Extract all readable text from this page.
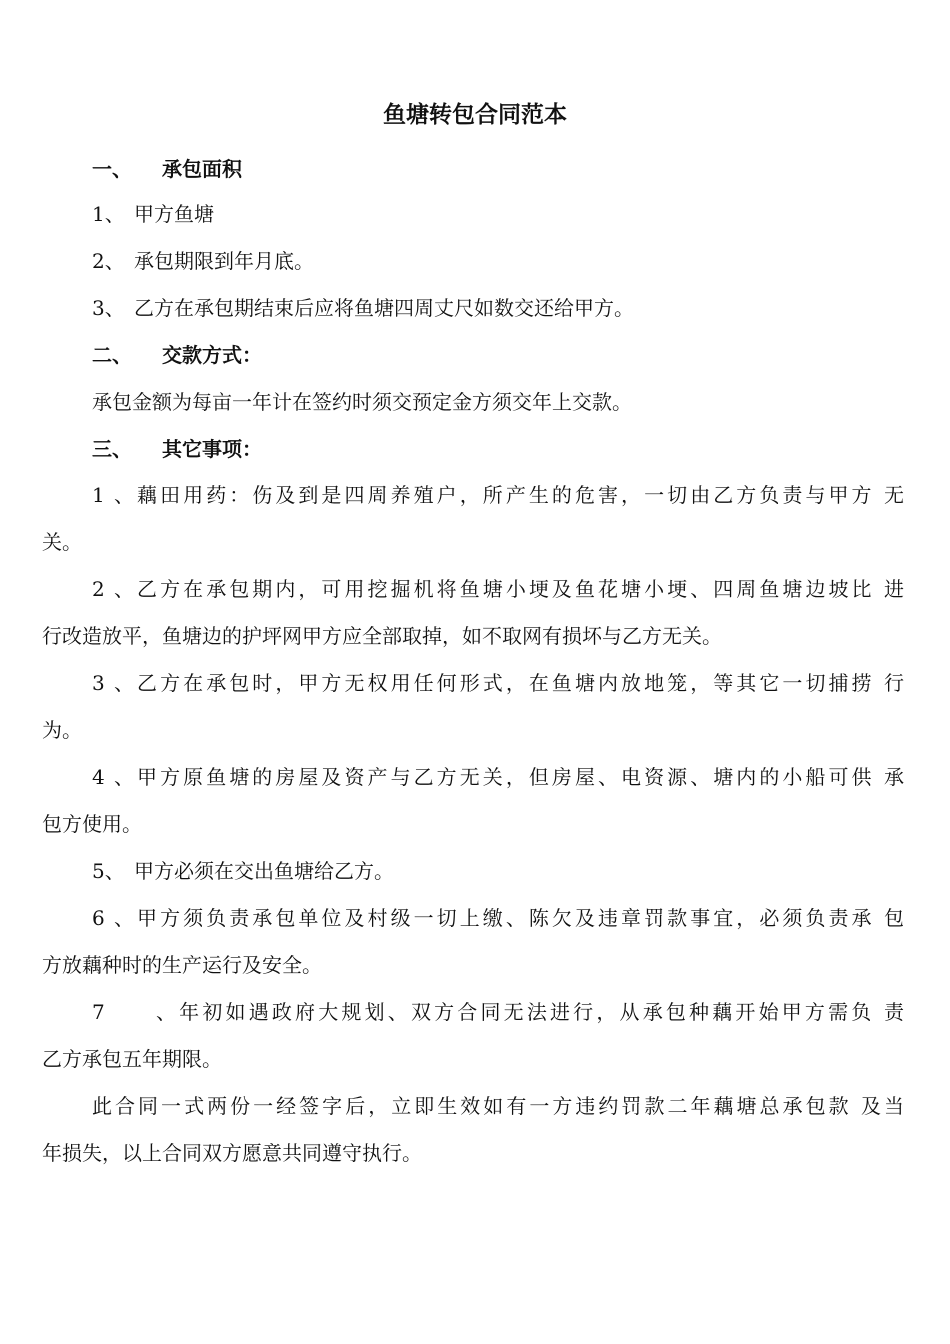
鱼塘转包合同范本
一、 承包面积
1、 甲方鱼塘
2、 承包期限到年月底。
3、 乙方在承包期结束后应将鱼塘四周丈尺如数交还给甲方。
二、 交款方式：
承包金额为每亩一年计在签约时须交预定金方须交年上交款。
三、 其它事项：
1、藕田用药：伤及到是四周养殖户，所产生的危害，一切由乙方负责与甲方 无
关。
2、乙方在承包期内，可用挖掘机将鱼塘小埂及鱼花塘小埂、四周鱼塘边坡比 进
行改造放平，鱼塘边的护坪网甲方应全部取掉，如不取网有损坏与乙方无关。
3、乙方在承包时，甲方无权用任何形式，在鱼塘内放地笼，等其它一切捕捞 行
为。
4、甲方原鱼塘的房屋及资产与乙方无关，但房屋、电资源、塘内的小船可供 承
包方使用。
5、 甲方必须在交出鱼塘给乙方。
6、甲方须负责承包单位及村级一切上缴、陈欠及违章罚款事宜，必须负责承 包
方放藕种时的生产运行及安全。
7、年初如遇政府大规划、双方合同无法进行，从承包种藕开始甲方需负 责
乙方承包五年期限。
此合同一式两份一经签字后，立即生效如有一方违约罚款二年藕塘总承包款 及当
年损失，以上合同双方愿意共同遵守执行。
